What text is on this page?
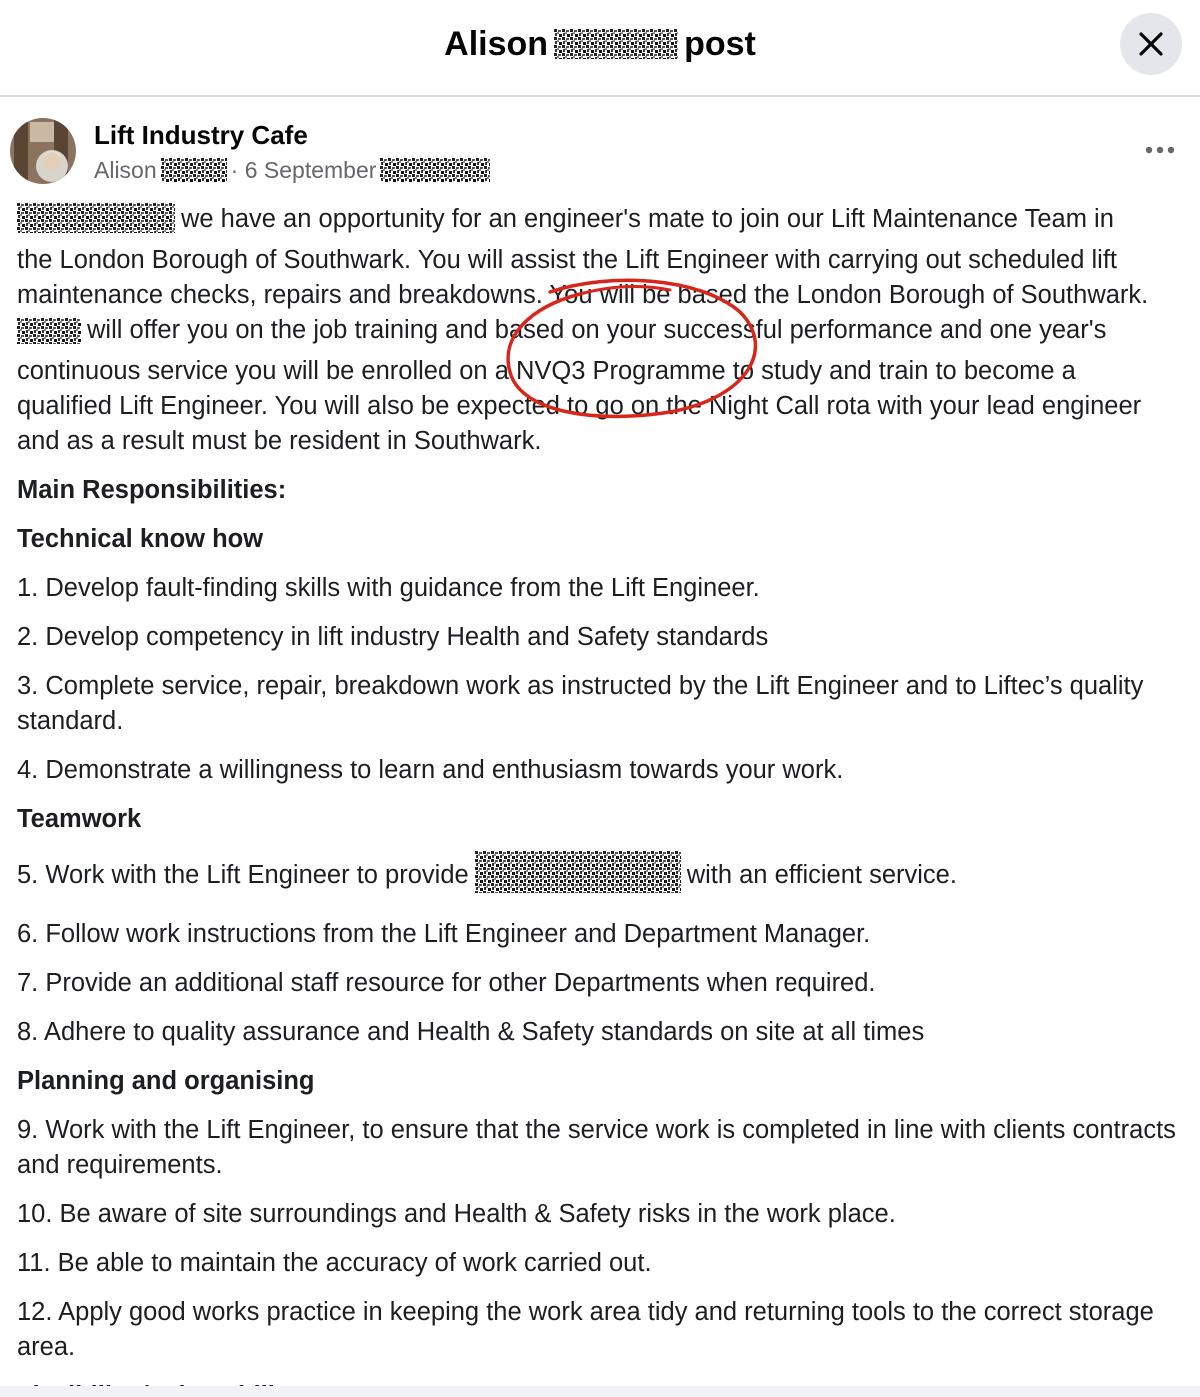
Alison	post
Lift Industry Cafe
Alison	· 6 September
we have an opportunity for an engineer's mate to join our Lift Maintenance Team in
the London Borough of Southwark. You will assist the Lift Engineer with carrying out scheduled lift
maintenance checks, repairs and breakdowns. You will be based the London Borough of Southwark.
will offer you on the job training and based on your successful performance and one year's
continuous service you will be enrolled on a NVQ3 Programme to study and train to become a
qualified Lift Engineer. You will also be expected to go on the Night Call rota with your lead engineer
and as a result must be resident in Southwark.
Main Responsibilities:
Technical know how
1. Develop fault-finding skills with guidance from the Lift Engineer.
2. Develop competency in lift industry Health and Safety standards
3. Complete service, repair, breakdown work as instructed by the Lift Engineer and to Liftec’s quality standard.
4. Demonstrate a willingness to learn and enthusiasm towards your work.
Teamwork
5. Work with the Lift Engineer to provide	with an efficient service.
6. Follow work instructions from the Lift Engineer and Department Manager.
7. Provide an additional staff resource for other Departments when required.
8. Adhere to quality assurance and Health & Safety standards on site at all times
Planning and organising
9. Work with the Lift Engineer, to ensure that the service work is completed in line with clients contracts and requirements.
10. Be aware of site surroundings and Health & Safety risks in the work place.
11. Be able to maintain the accuracy of work carried out.
12. Apply good works practice in keeping the work area tidy and returning tools to the correct storage area.
